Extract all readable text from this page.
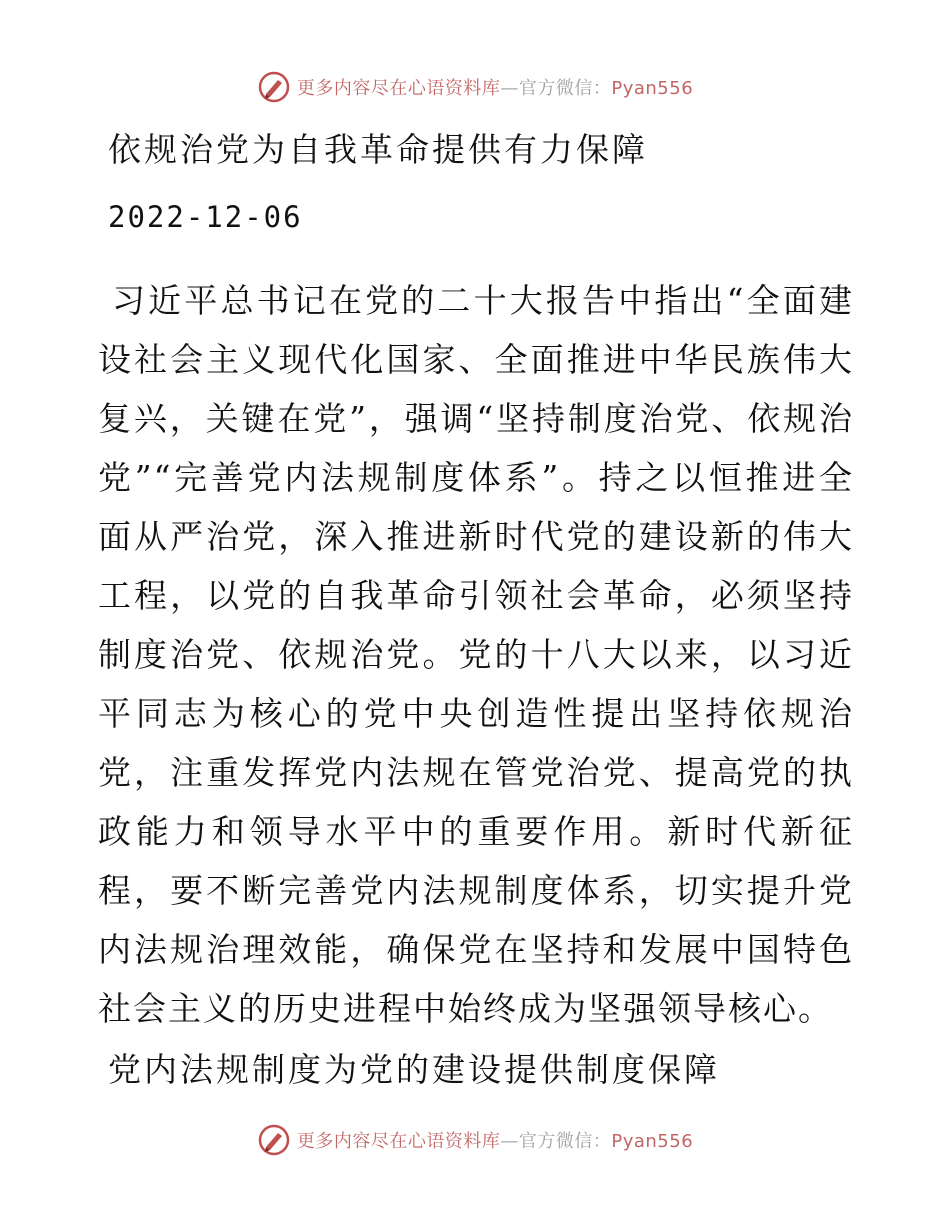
更多内容尽在心语资料库—官方微信：Pyan556
依规治党为自我革命提供有力保障
2022-12-06

习近平总书记在党的二十大报告中指出“全面建设社会主义现代化国家、全面推进中华民族伟大复兴，关键在党”，强调“坚持制度治党、依规治党”“完善党内法规制度体系”。持之以恒推进全面从严治党，深入推进新时代党的建设新的伟大工程，以党的自我革命引领社会革命，必须坚持制度治党、依规治党。党的十八大以来，以习近平同志为核心的党中央创造性提出坚持依规治党，注重发挥党内法规在管党治党、提高党的执政能力和领导水平中的重要作用。新时代新征程，要不断完善党内法规制度体系，切实提升党内法规治理效能，确保党在坚持和发展中国特色社会主义的历史进程中始终成为坚强领导核心。

党内法规制度为党的建设提供制度保障
更多内容尽在心语资料库—官方微信：Pyan556
